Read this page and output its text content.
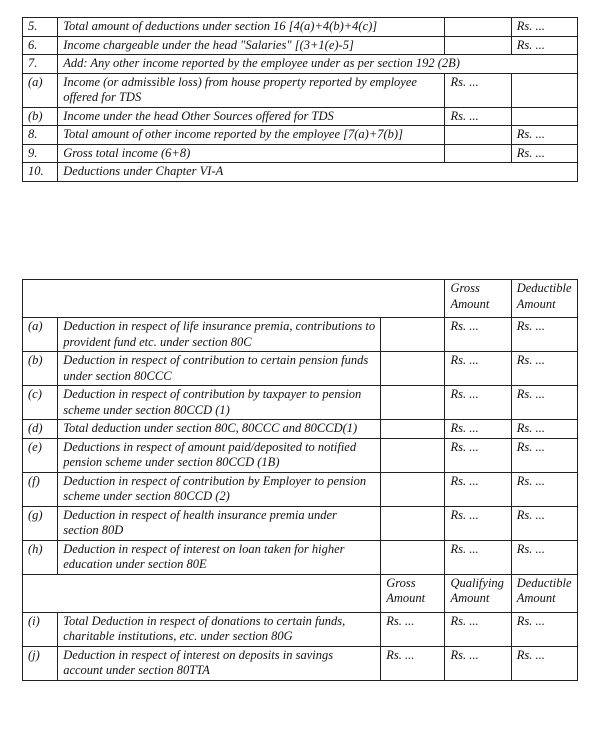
5.	Total amount of deductions under section 16 [4(a)+4(b)+4(c)]		Rs. ...
6.	Income chargeable under the head "Salaries" [(3+1(e)-5]		Rs. ...
7.	Add: Any other income reported by the employee under as per section 192 (2B)		
(a)	Income (or admissible loss) from house property reported by employee offered for TDS	Rs. ...	
(b)	Income under the head Other Sources offered for TDS	Rs. ...	
8.	Total amount of other income reported by the employee [7(a)+7(b)]		Rs. ...
9.	Gross total income (6+8)		Rs. ...
10.	Deductions under Chapter VI-A		
			Gross Amount	Deductible Amount
(a)	Deduction in respect of life insurance premia, contributions to provident fund etc. under section 80C		Rs. ...	Rs. ...
(b)	Deduction in respect of contribution to certain pension funds under section 80CCC		Rs. ...	Rs. ...
(c)	Deduction in respect of contribution by taxpayer to pension scheme under section 80CCD (1)		Rs. ...	Rs. ...
(d)	Total deduction under section 80C, 80CCC and 80CCD(1)		Rs. ...	Rs. ...
(e)	Deductions in respect of amount paid/deposited to notified pension scheme under section 80CCD (1B)		Rs. ...	Rs. ...
(f)	Deduction in respect of contribution by Employer to pension scheme under section 80CCD (2)		Rs. ...	Rs. ...
(g)	Deduction in respect of health insurance premia under section 80D		Rs. ...	Rs. ...
(h)	Deduction in respect of interest on loan taken for higher education under section 80E		Rs. ...	Rs. ...
		Gross Amount	Qualifying Amount	Deductible Amount
(i)	Total Deduction in respect of donations to certain funds, charitable institutions, etc. under section 80G	Rs. ...	Rs. ...	Rs. ...
(j)	Deduction in respect of interest on deposits in savings account under section 80TTA	Rs. ...	Rs. ...	Rs. ...
